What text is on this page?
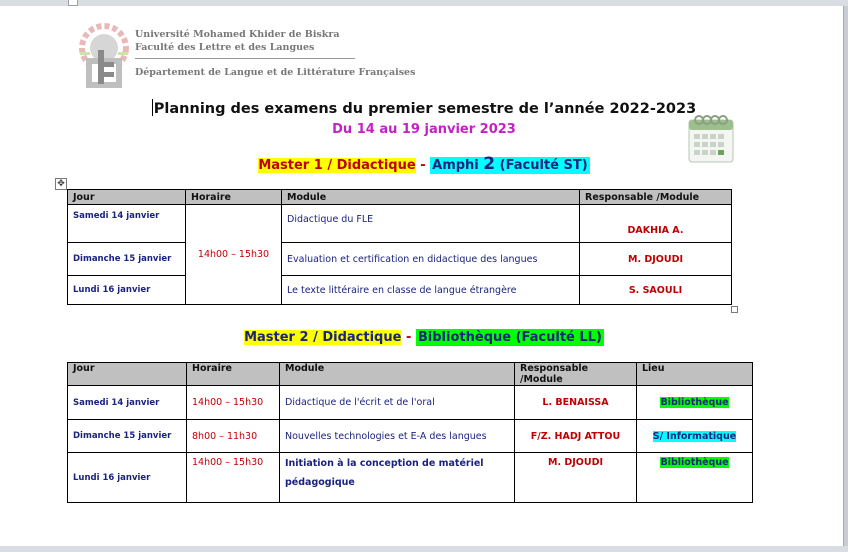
Université Mohamed Khider de Biskra
Faculté des Lettre et des Langues
Département de Langue et de Littérature Françaises
Planning des examens du premier semestre de l’année 2022-2023
Du 14 au 19 janvier 2023
Master 1 / Didactique - Amphi 2 (Faculté ST)
✥
Jour	Horaire	Module	Responsable /Module
Samedi 14 janvier	14h00 – 15h30	Didactique du FLE	DAKHIA A.
Dimanche 15 janvier		Evaluation et certification en didactique des langues	M. DJOUDI
Lundi 16 janvier		Le texte littéraire en classe de langue étrangère	S. SAOULI
Master 2 / Didactique - Bibliothèque (Faculté LL)
Jour	Horaire	Module	Responsable /Module	Lieu
Samedi 14 janvier	14h00 – 15h30	Didactique de l'écrit et de l'oral	L. BENAISSA	Bibliothèque
Dimanche 15 janvier	8h00 – 11h30	Nouvelles technologies et E-A des langues	F/Z. HADJ ATTOU	S/ Informatique
Lundi 16 janvier	14h00 – 15h30	Initiation à la conception de matériel pédagogique	M. DJOUDI	Bibliothèque
